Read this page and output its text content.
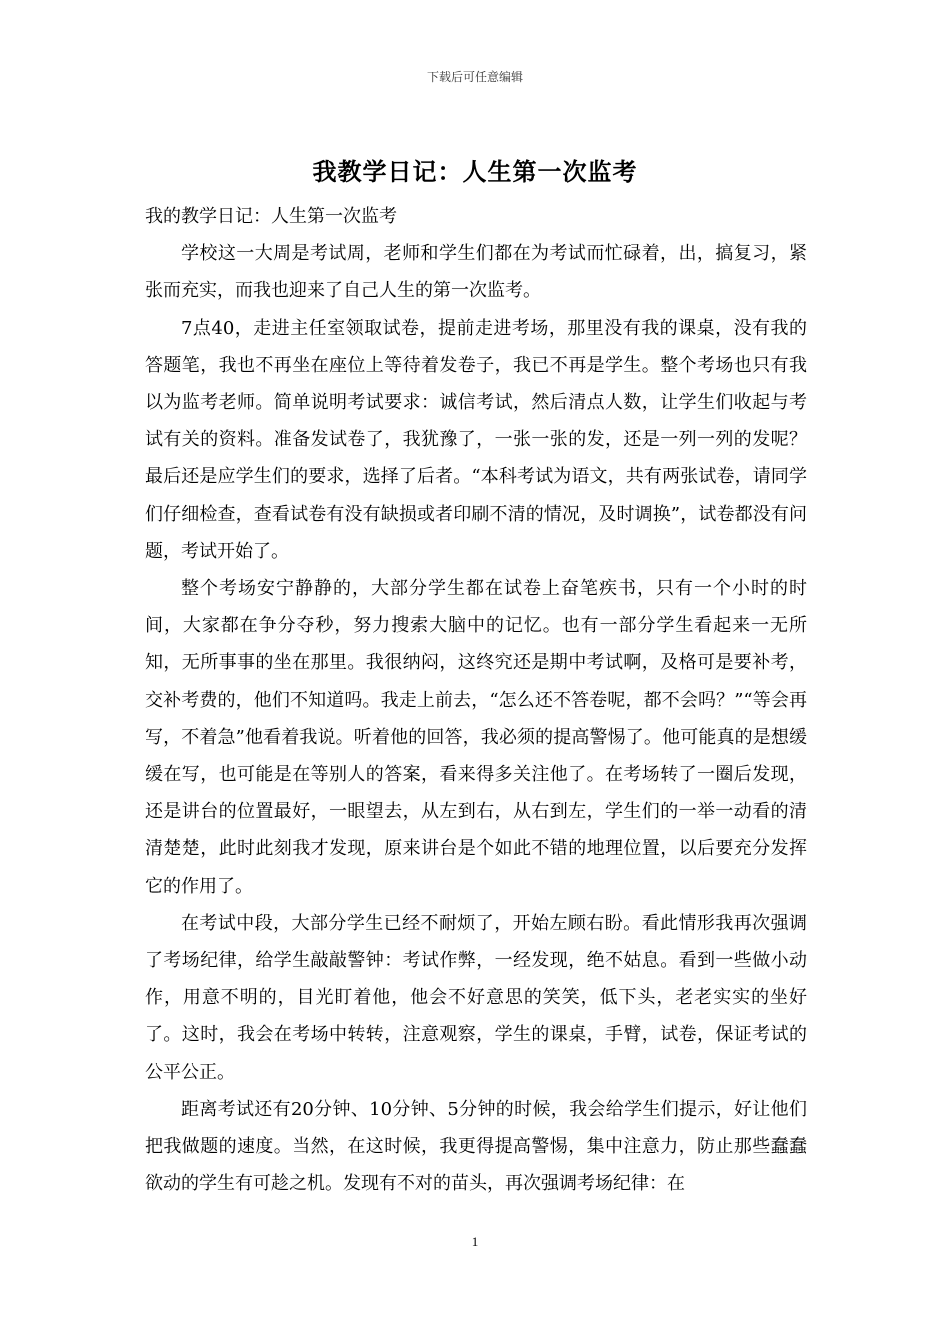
下载后可任意编辑
我教学日记：人生第一次监考

我的教学日记：人生第一次监考

学校这一大周是考试周，老师和学生们都在为考试而忙碌着，出，搞复习，紧张而充实，而我也迎来了自己人生的第一次监考。

7点40，走进主任室领取试卷，提前走进考场，那里没有我的课桌，没有我的答题笔，我也不再坐在座位上等待着发卷子，我已不再是学生。整个考场也只有我以为监考老师。简单说明考试要求：诚信考试，然后清点人数，让学生们收起与考试有关的资料。准备发试卷了，我犹豫了，一张一张的发，还是一列一列的发呢？最后还是应学生们的要求，选择了后者。“本科考试为语文，共有两张试卷，请同学们仔细检查，查看试卷有没有缺损或者印刷不清的情况，及时调换”，试卷都没有问题，考试开始了。

整个考场安宁静静的，大部分学生都在试卷上奋笔疾书，只有一个小时的时间，大家都在争分夺秒，努力搜索大脑中的记忆。也有一部分学生看起来一无所知，无所事事的坐在那里。我很纳闷，这终究还是期中考试啊，及格可是要补考，交补考费的，他们不知道吗。我走上前去，“怎么还不答卷呢，都不会吗？”“等会再写，不着急”他看着我说。听着他的回答，我必须的提高警惕了。他可能真的是想缓缓在写，也可能是在等别人的答案，看来得多关注他了。在考场转了一圈后发现，还是讲台的位置最好，一眼望去，从左到右，从右到左，学生们的一举一动看的清清楚楚，此时此刻我才发现，原来讲台是个如此不错的地理位置，以后要充分发挥它的作用了。

在考试中段，大部分学生已经不耐烦了，开始左顾右盼。看此情形我再次强调了考场纪律，给学生敲敲警钟：考试作弊，一经发现，绝不姑息。看到一些做小动作，用意不明的，目光盯着他，他会不好意思的笑笑，低下头，老老实实的坐好了。这时，我会在考场中转转，注意观察，学生的课桌，手臂，试卷，保证考试的公平公正。

距离考试还有20分钟、10分钟、5分钟的时候，我会给学生们提示，好让他们把我做题的速度。当然，在这时候，我更得提高警惕，集中注意力，防止那些蠢蠢欲动的学生有可趁之机。发现有不对的苗头，再次强调考场纪律：在

1
